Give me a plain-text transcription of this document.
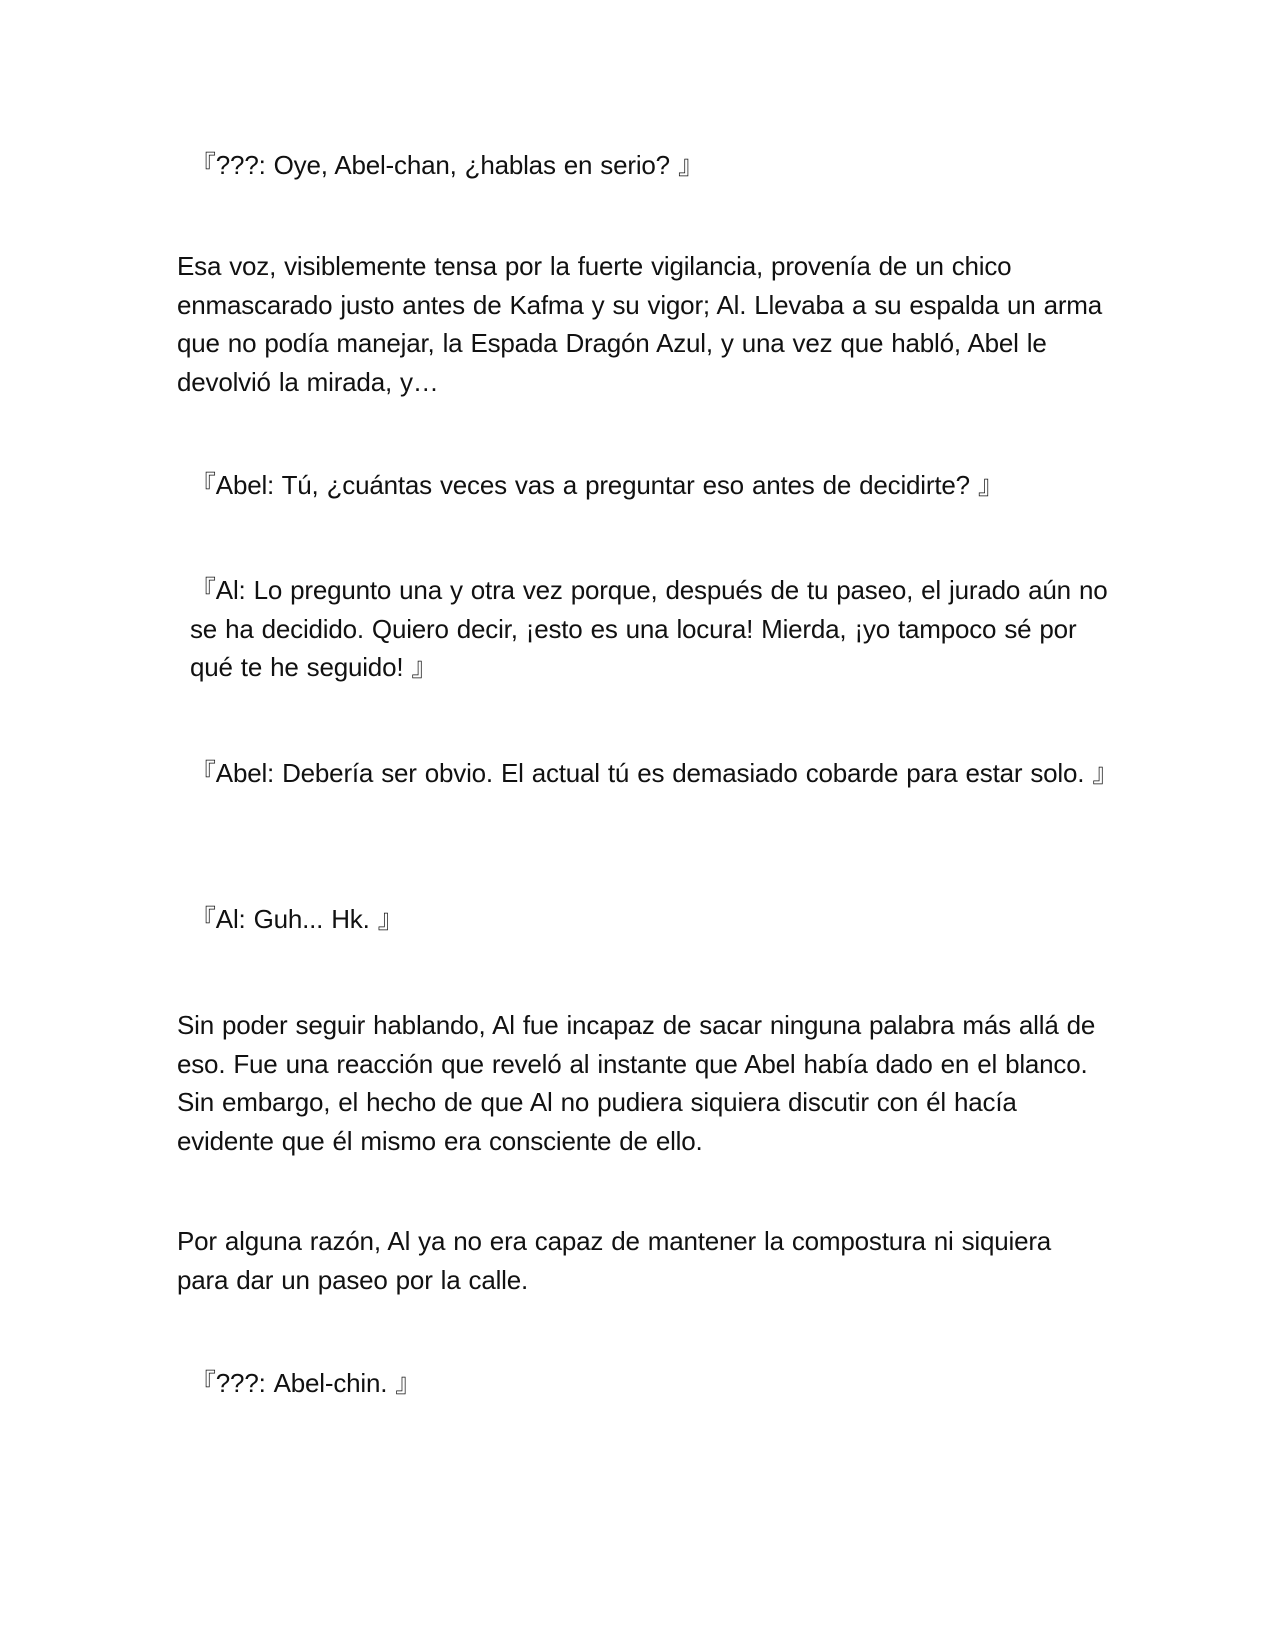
『???: Oye, Abel-chan, ¿hablas en serio? 』

Esa voz, visiblemente tensa por la fuerte vigilancia, provenía de un chico enmascarado justo antes de Kafma y su vigor; Al. Llevaba a su espalda un arma que no podía manejar, la Espada Dragón Azul, y una vez que habló, Abel le devolvió la mirada, y…

『Abel: Tú, ¿cuántas veces vas a preguntar eso antes de decidirte? 』

『Al: Lo pregunto una y otra vez porque, después de tu paseo, el jurado aún no se ha decidido. Quiero decir, ¡esto es una locura! Mierda, ¡yo tampoco sé por qué te he seguido! 』

『Abel: Debería ser obvio. El actual tú es demasiado cobarde para estar solo. 』

『Al: Guh... Hk. 』

Sin poder seguir hablando, Al fue incapaz de sacar ninguna palabra más allá de eso. Fue una reacción que reveló al instante que Abel había dado en el blanco. Sin embargo, el hecho de que Al no pudiera siquiera discutir con él hacía evidente que él mismo era consciente de ello.

Por alguna razón, Al ya no era capaz de mantener la compostura ni siquiera para dar un paseo por la calle.

『???: Abel-chin. 』
